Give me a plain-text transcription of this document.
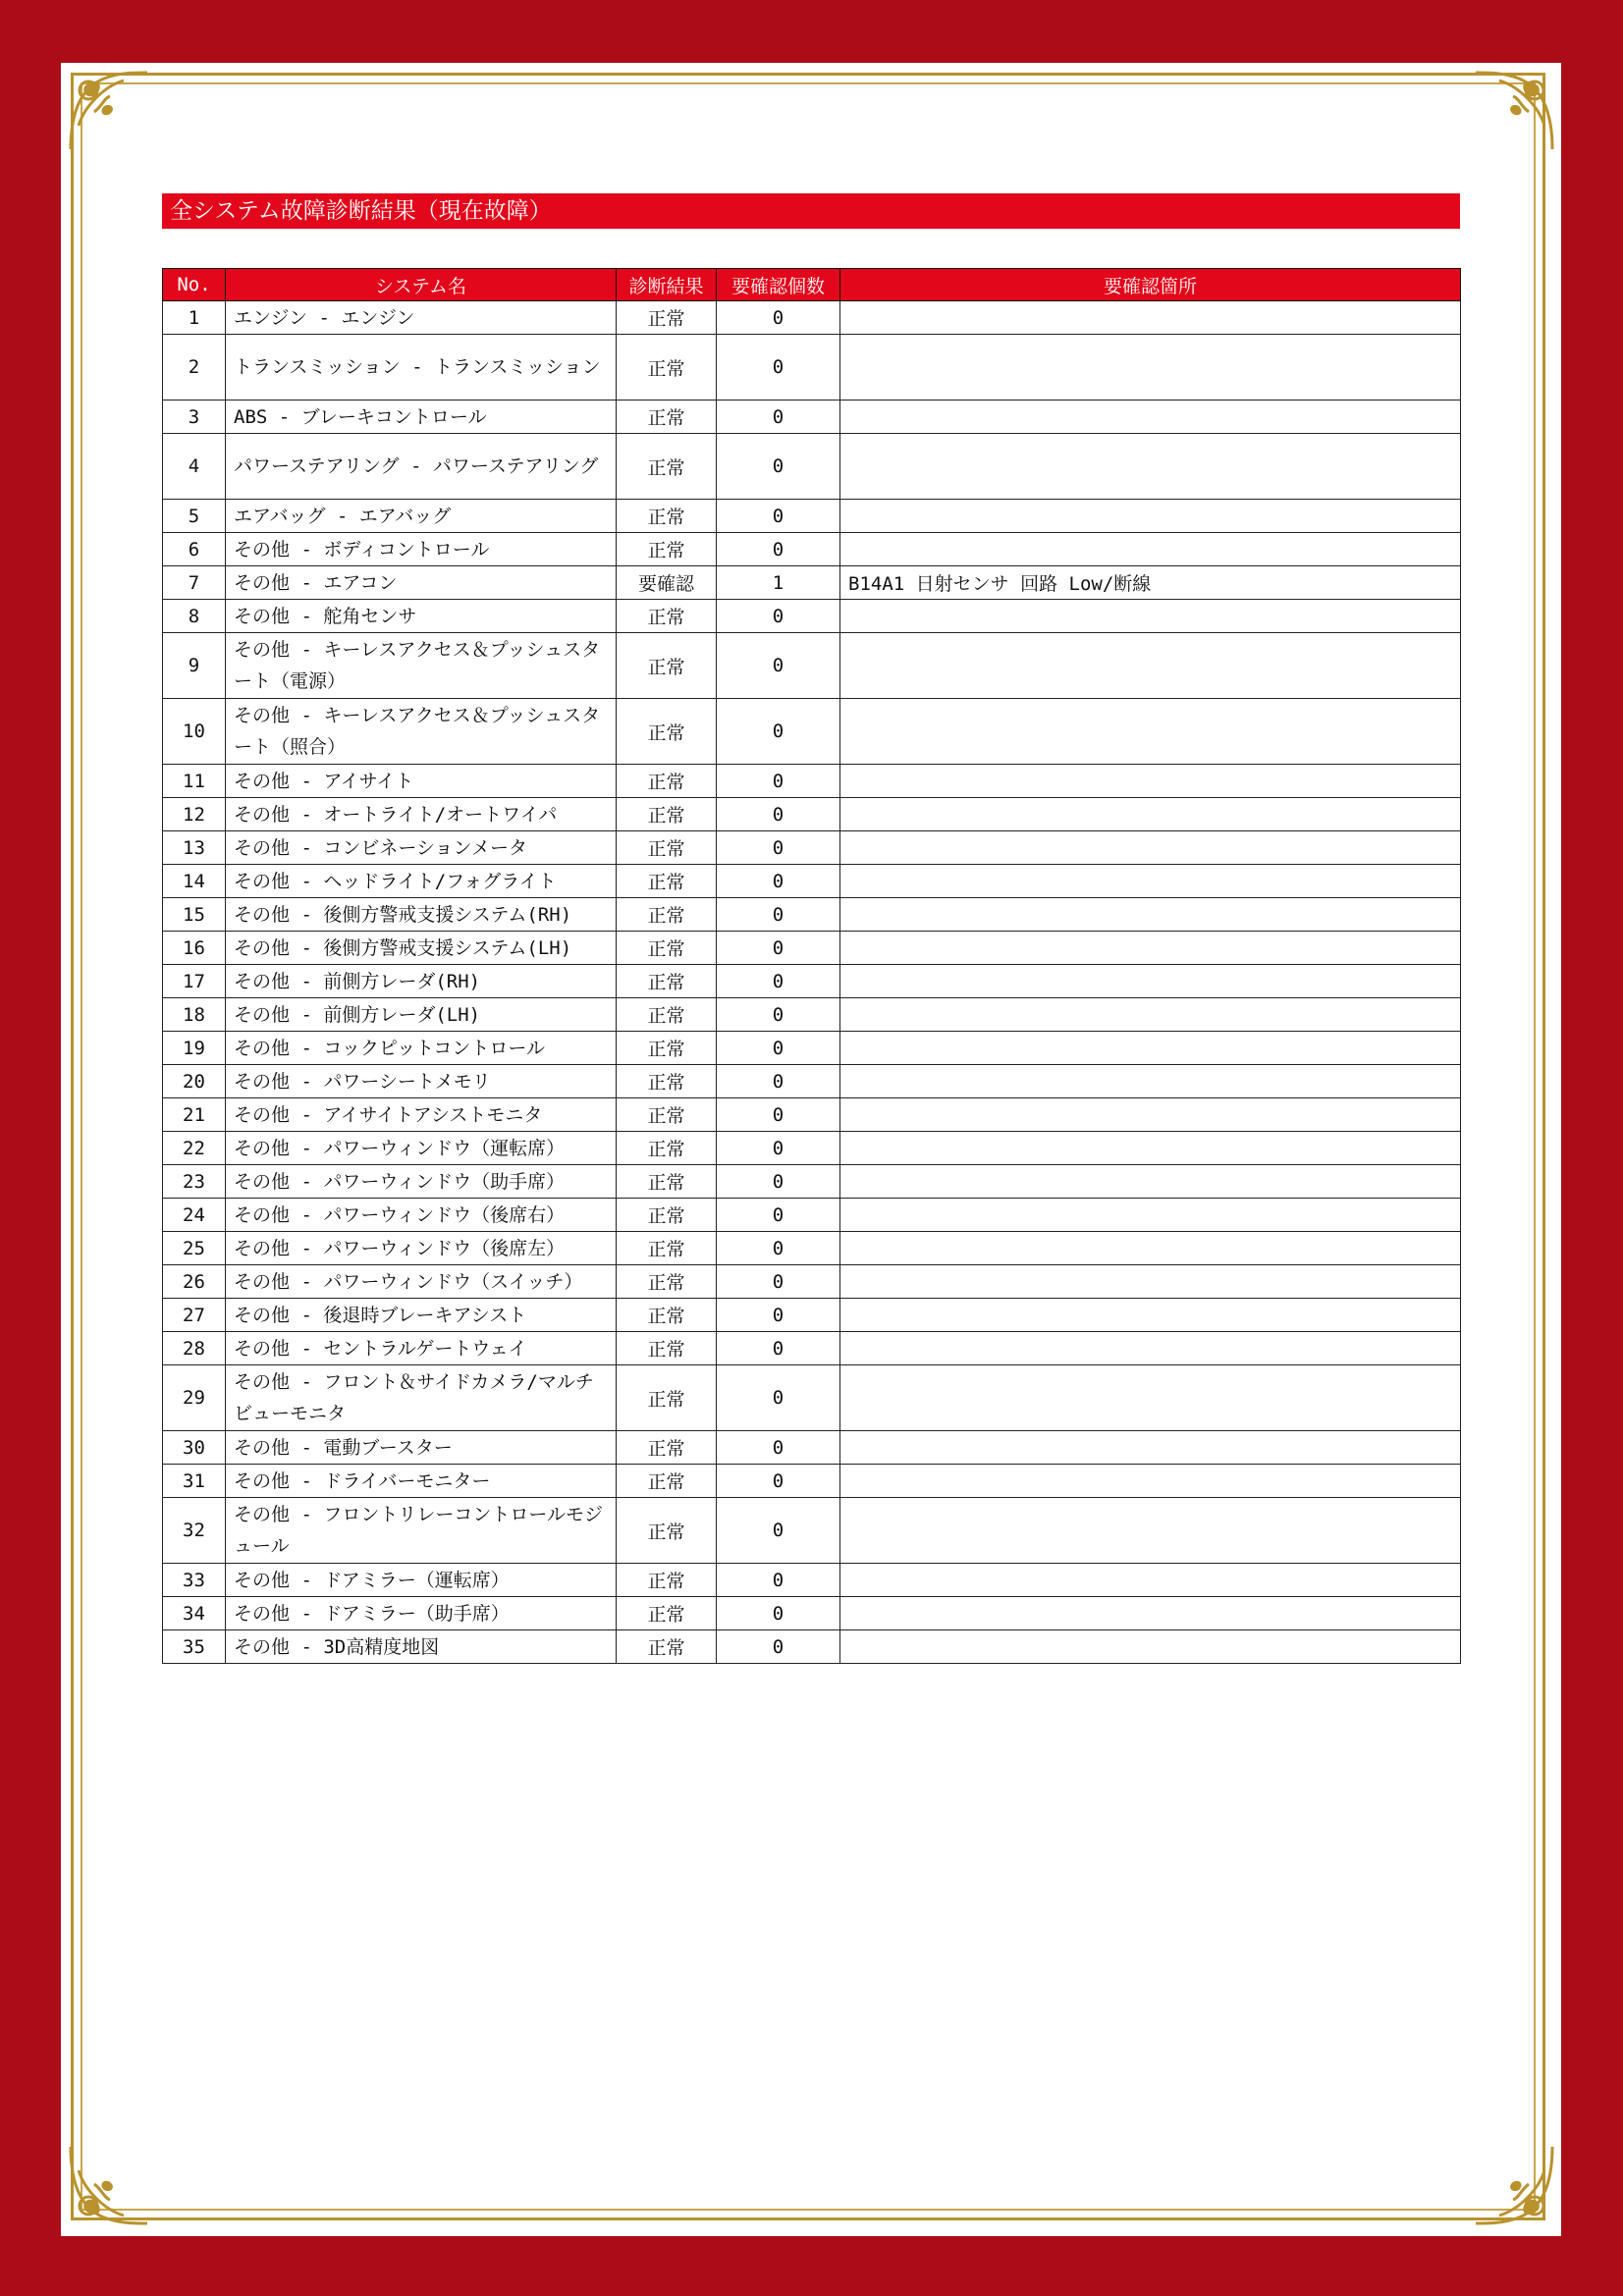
全システム故障診断結果（現在故障）
No.	システム名	診断結果	要確認個数	要確認箇所
1	エンジン - エンジン	正常	0	
2	トランスミッション - トランスミッション	正常	0	
3	ABS - ブレーキコントロール	正常	0	
4	パワーステアリング - パワーステアリング	正常	0	
5	エアバッグ - エアバッグ	正常	0	
6	その他 - ボディコントロール	正常	0	
7	その他 - エアコン	要確認	1	B14A1 日射センサ 回路 Low/断線
8	その他 - 舵角センサ	正常	0	
9	その他 - キーレスアクセス＆プッシュスタート（電源）	正常	0	
10	その他 - キーレスアクセス＆プッシュスタート（照合）	正常	0	
11	その他 - アイサイト	正常	0	
12	その他 - オートライト/オートワイパ	正常	0	
13	その他 - コンビネーションメータ	正常	0	
14	その他 - ヘッドライト/フォグライト	正常	0	
15	その他 - 後側方警戒支援システム(RH)	正常	0	
16	その他 - 後側方警戒支援システム(LH)	正常	0	
17	その他 - 前側方レーダ(RH)	正常	0	
18	その他 - 前側方レーダ(LH)	正常	0	
19	その他 - コックピットコントロール	正常	0	
20	その他 - パワーシートメモリ	正常	0	
21	その他 - アイサイトアシストモニタ	正常	0	
22	その他 - パワーウィンドウ（運転席）	正常	0	
23	その他 - パワーウィンドウ（助手席）	正常	0	
24	その他 - パワーウィンドウ（後席右）	正常	0	
25	その他 - パワーウィンドウ（後席左）	正常	0	
26	その他 - パワーウィンドウ（スイッチ）	正常	0	
27	その他 - 後退時ブレーキアシスト	正常	0	
28	その他 - セントラルゲートウェイ	正常	0	
29	その他 - フロント＆サイドカメラ/マルチビューモニタ	正常	0	
30	その他 - 電動ブースター	正常	0	
31	その他 - ドライバーモニター	正常	0	
32	その他 - フロントリレーコントロールモジュール	正常	0	
33	その他 - ドアミラー（運転席）	正常	0	
34	その他 - ドアミラー（助手席）	正常	0	
35	その他 - 3D高精度地図	正常	0	
